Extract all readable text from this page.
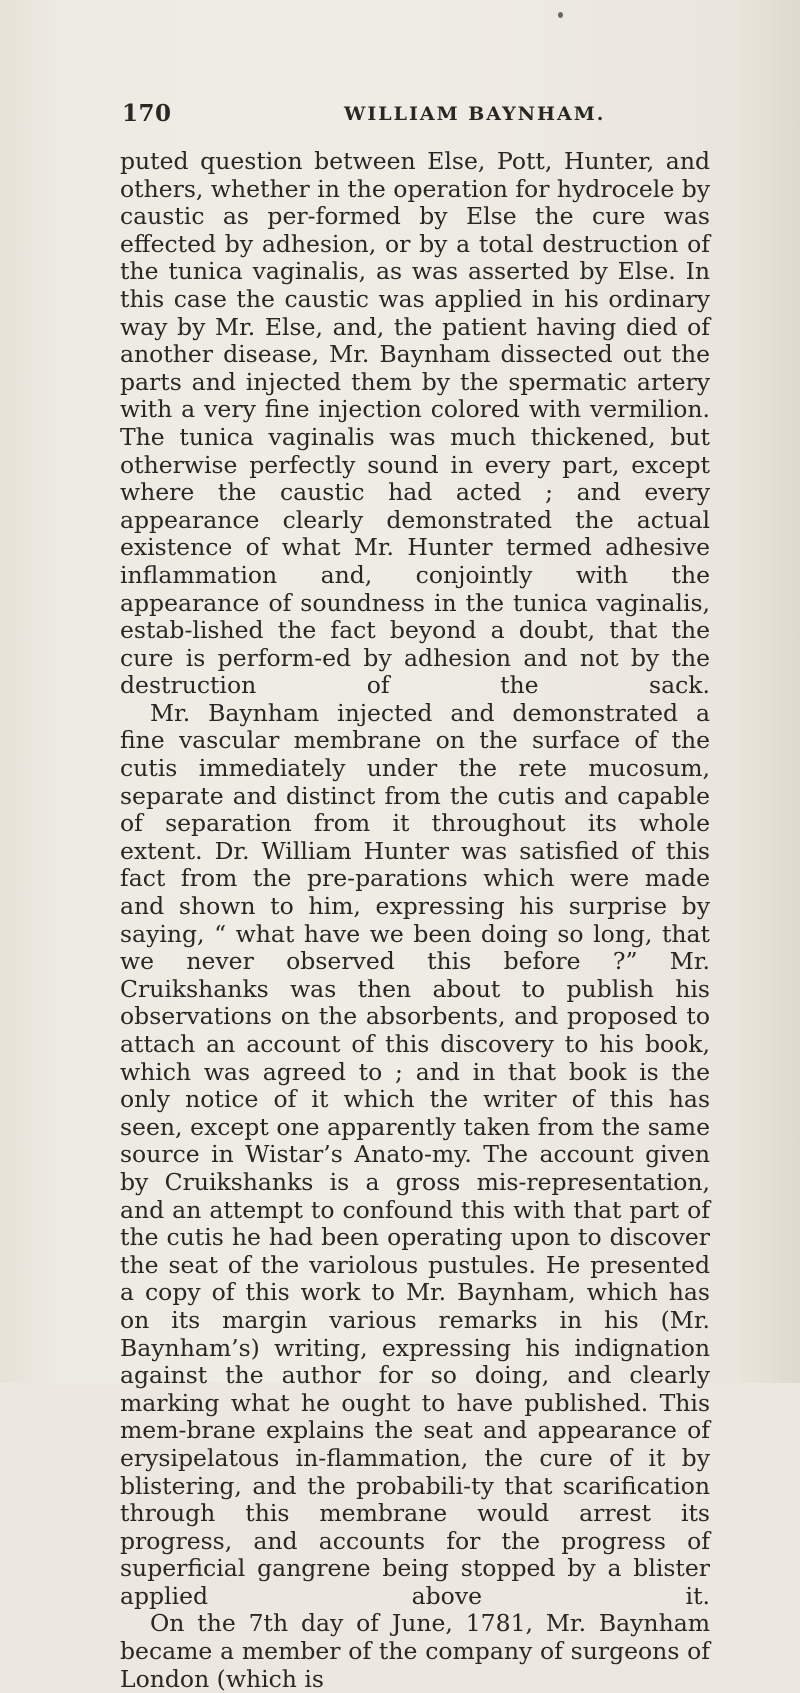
170	WILLIAM BAYNHAM.

puted question between Else, Pott, Hunter, and others, whether in the operation for hydrocele by caustic as per-formed by Else the cure was effected by adhesion, or by a total destruction of the tunica vaginalis, as was asserted by Else. In this case the caustic was applied in his ordinary way by Mr. Else, and, the patient having died of another disease, Mr. Baynham dissected out the parts and injected them by the spermatic artery with a very fine injection colored with vermilion. The tunica vaginalis was much thickened, but otherwise perfectly sound in every part, except where the caustic had acted ; and every appearance clearly demonstrated the actual existence of what Mr. Hunter termed adhesive inflammation and, conjointly with the appearance of soundness in the tunica vaginalis, estab-lished the fact beyond a doubt, that the cure is perform-ed by adhesion and not by the destruction of the sack.

Mr. Baynham injected and demonstrated a fine vascular membrane on the surface of the cutis immediately under the rete mucosum, separate and distinct from the cutis and capable of separation from it throughout its whole extent. Dr. William Hunter was satisfied of this fact from the pre-parations which were made and shown to him, expressing his surprise by saying, “ what have we been doing so long, that we never observed this before ?” Mr. Cruikshanks was then about to publish his observations on the absorbents, and proposed to attach an account of this discovery to his book, which was agreed to ; and in that book is the only notice of it which the writer of this has seen, except one apparently taken from the same source in Wistar’s Anato-my. The account given by Cruikshanks is a gross mis-representation, and an attempt to confound this with that part of the cutis he had been operating upon to discover the seat of the variolous pustules. He presented a copy of this work to Mr. Baynham, which has on its margin various remarks in his (Mr. Baynham’s) writing, expressing his indignation against the author for so doing, and clearly marking what he ought to have published. This mem-brane explains the seat and appearance of erysipelatous in-flammation, the cure of it by blistering, and the probabili-ty that scarification through this membrane would arrest its progress, and accounts for the progress of superficial gangrene being stopped by a blister applied above it.

On the 7th day of June, 1781, Mr. Baynham became a member of the company of surgeons of London (which is
